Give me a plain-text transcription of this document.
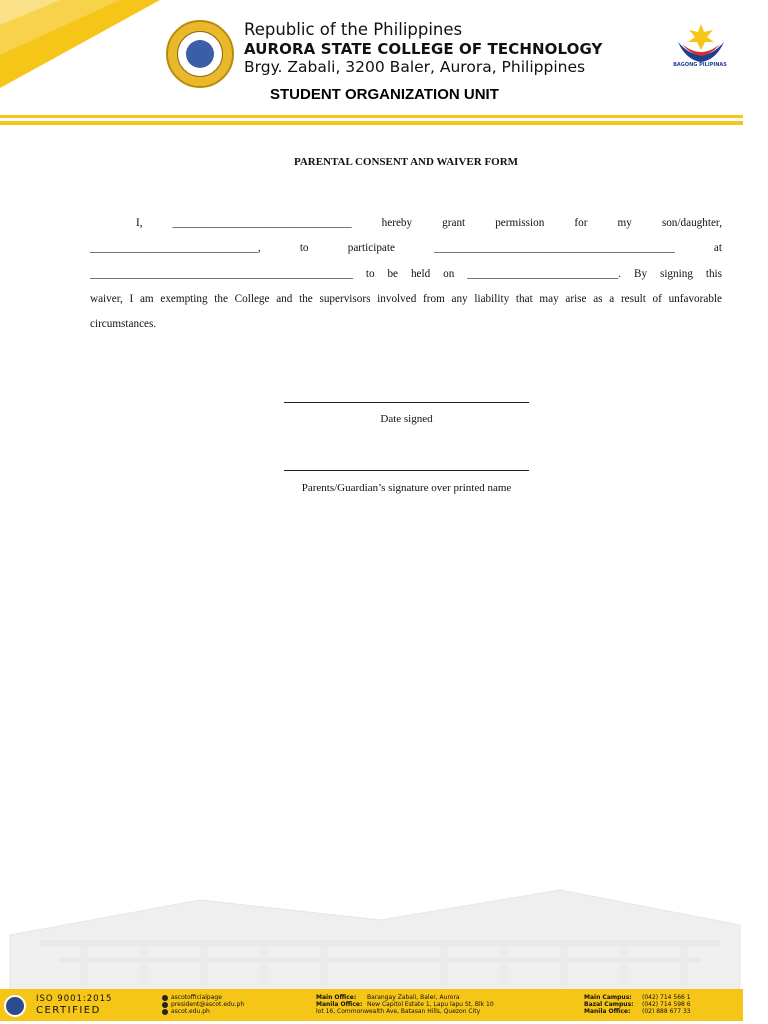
Republic of the Philippines
AURORA STATE COLLEGE OF TECHNOLOGY
Brgy. Zabali, 3200 Baler, Aurora, Philippines	BAGONG PILIPINAS
STUDENT ORGANIZATION UNIT
PARENTAL CONSENT AND WAIVER FORM
I, ________________________________ hereby grant permission for my son/daughter,
______________________________, to participate ___________________________________________ at
_______________________________________________ to be held on ___________________________. By signing this
waiver, I am exempting the College and the supervisors involved from any liability that may arise as a result of unfavorable
circumstances.
Date signed
Parents/Guardian’s signature over printed name
ISO 9001:2015
CERTIFIED
ascotofficialpage
president@ascot.edu.ph
ascot.edu.ph
Main Office: Barangay Zabali, Baler, Aurora
Manila Office: New Capitol Estate 1, Lapu lapu St, Blk 10
lot 16, Commonwealth Ave, Batasan Hills, Quezon City
Main Campus: (042) 714 566 1
Bazal Campus: (042) 714 598 6
Manila Office: (02) 888 677 33
